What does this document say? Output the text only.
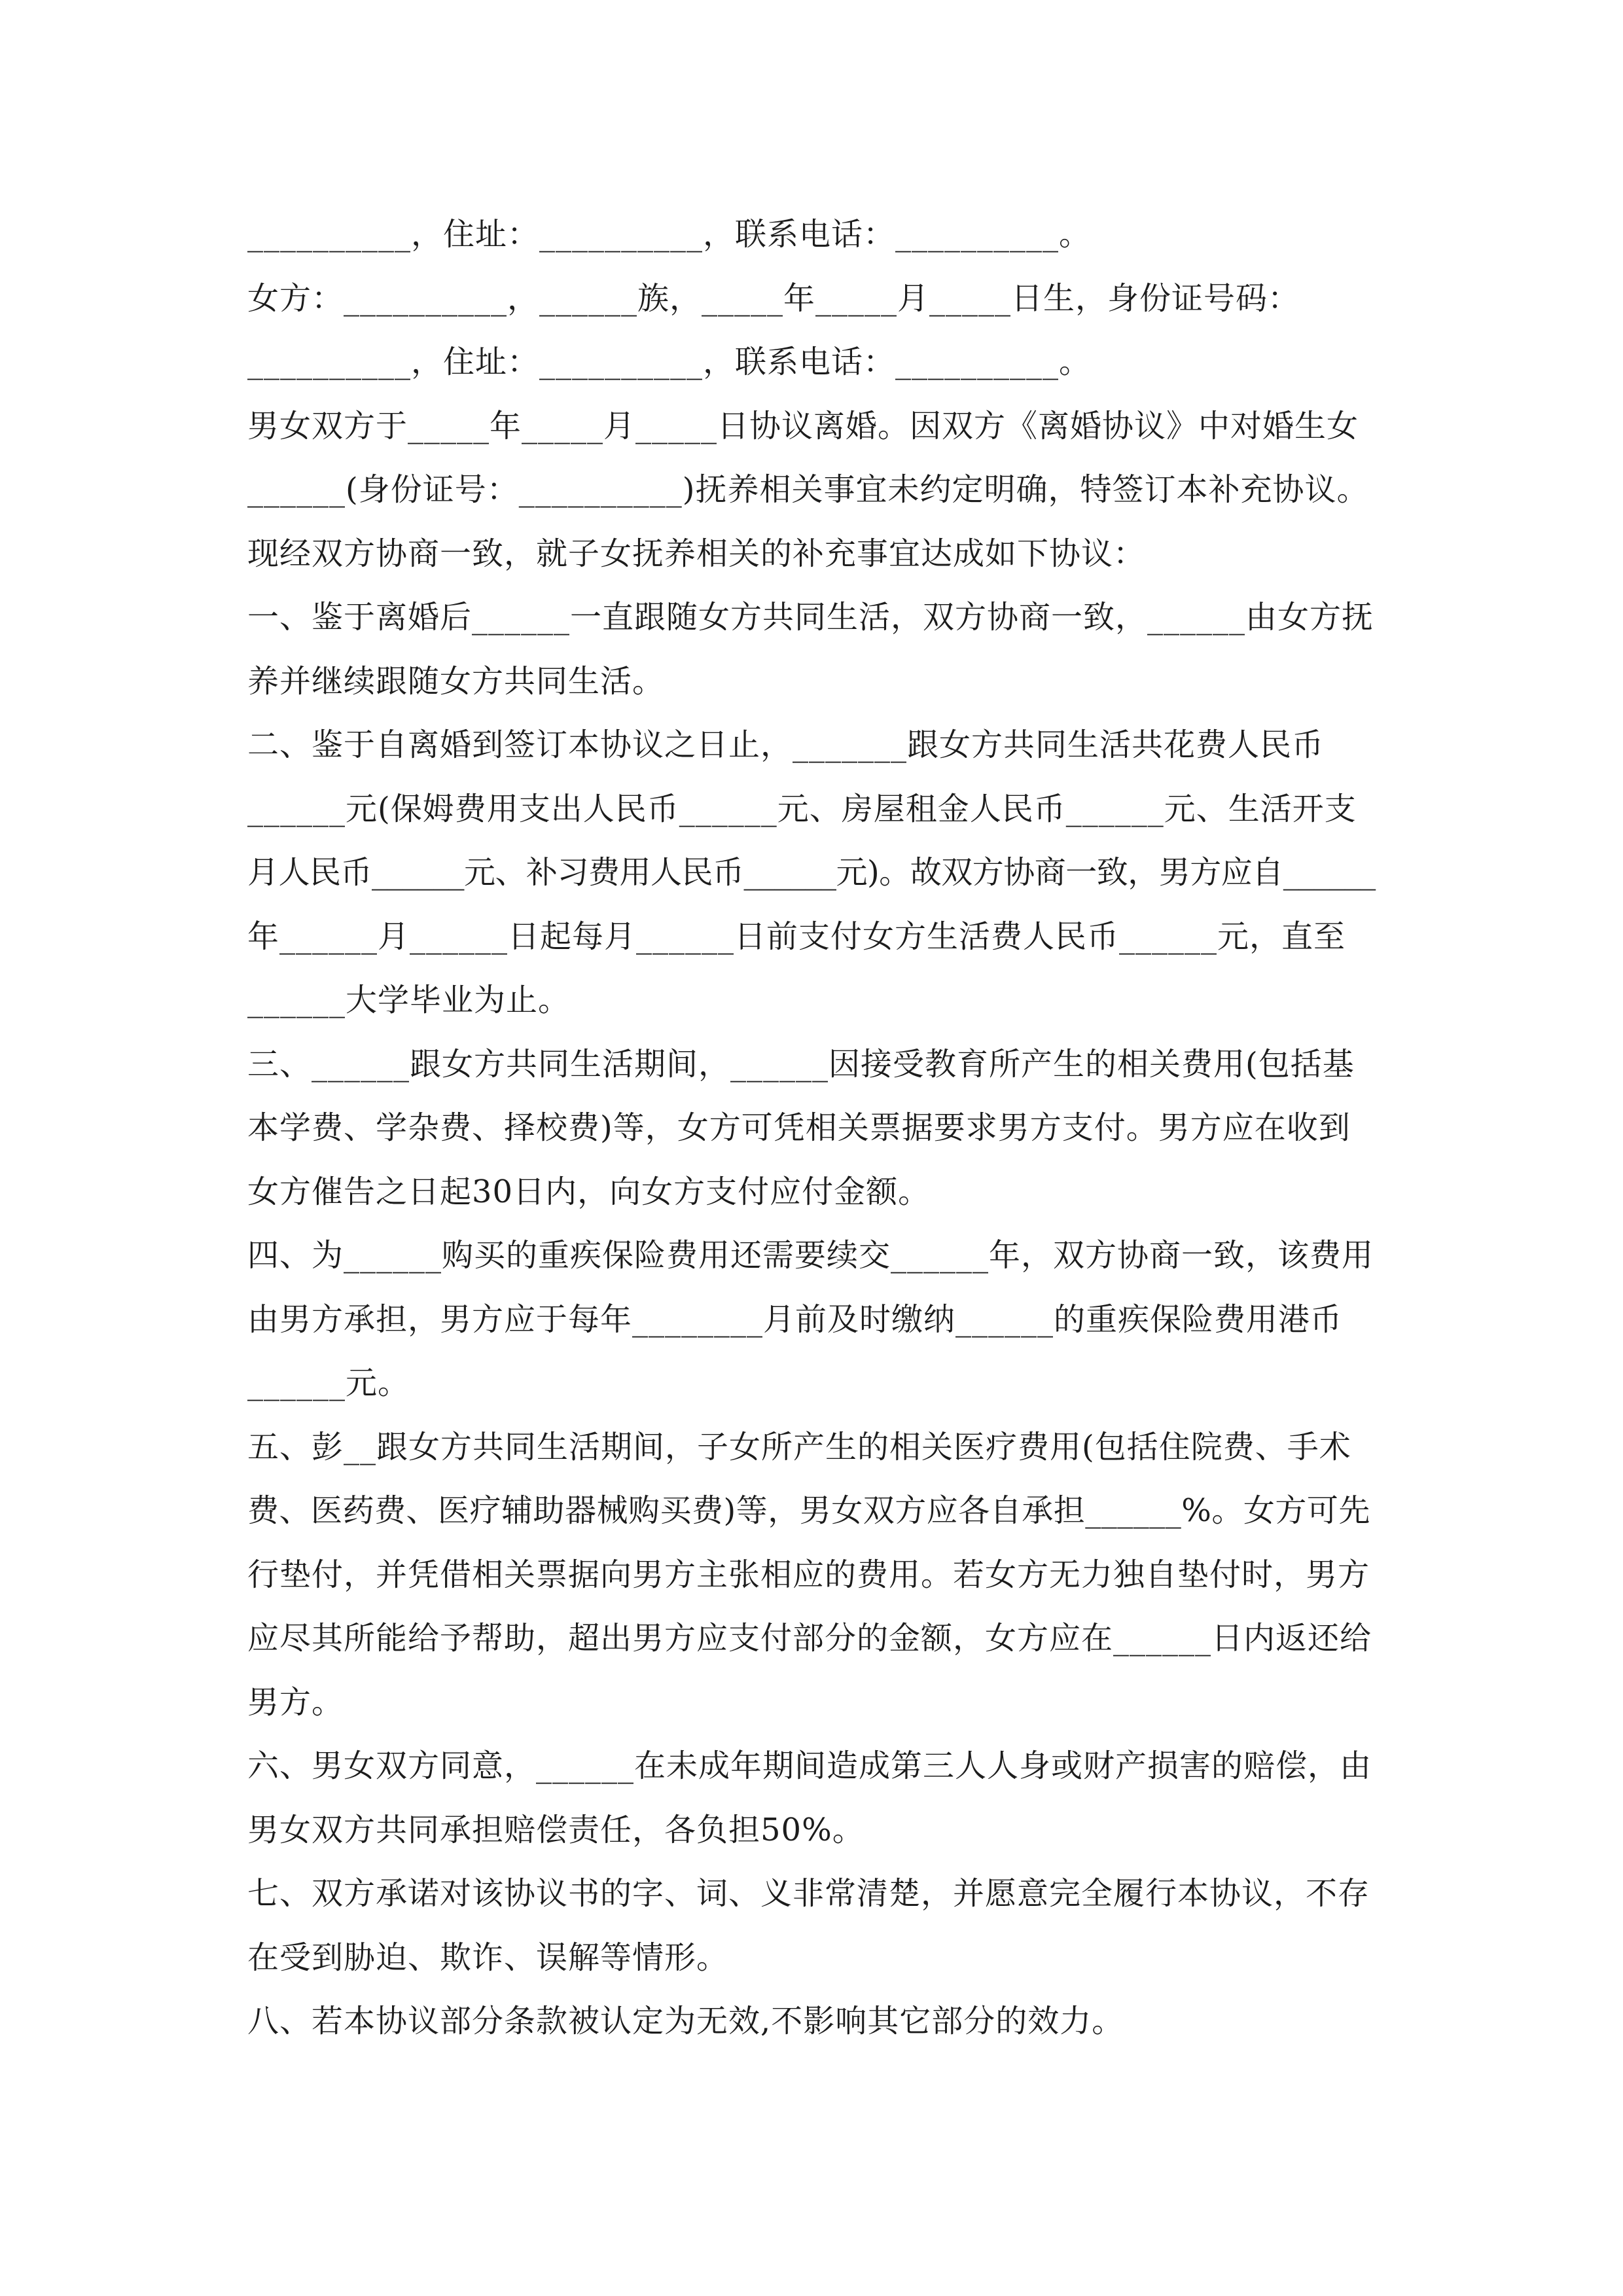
__________，住址：__________，联系电话：__________。
女方：__________，______族，_____年_____月_____日生，身份证号码：
__________，住址：__________，联系电话：__________。
男女双方于_____年_____月_____日协议离婚。因双方《离婚协议》中对婚生女
______(身份证号：__________)抚养相关事宜未约定明确，特签订本补充协议。
现经双方协商一致，就子女抚养相关的补充事宜达成如下协议：
一、鉴于离婚后______一直跟随女方共同生活，双方协商一致，______由女方抚
养并继续跟随女方共同生活。
二、鉴于自离婚到签订本协议之日止，_______跟女方共同生活共花费人民币
______元(保姆费用支出人民币______元、房屋租金人民币______元、生活开支
月人民币______元、补习费用人民币______元)。故双方协商一致，男方应自______
年______月______日起每月______日前支付女方生活费人民币______元，直至
______大学毕业为止。
三、______跟女方共同生活期间，______因接受教育所产生的相关费用(包括基
本学费、学杂费、择校费)等，女方可凭相关票据要求男方支付。男方应在收到
女方催告之日起30日内，向女方支付应付金额。
四、为______购买的重疾保险费用还需要续交______年，双方协商一致，该费用
由男方承担，男方应于每年________月前及时缴纳______的重疾保险费用港币
______元。
五、彭__跟女方共同生活期间，子女所产生的相关医疗费用(包括住院费、手术
费、医药费、医疗辅助器械购买费)等，男女双方应各自承担______%。女方可先
行垫付，并凭借相关票据向男方主张相应的费用。若女方无力独自垫付时，男方
应尽其所能给予帮助，超出男方应支付部分的金额，女方应在______日内返还给
男方。
六、男女双方同意，______在未成年期间造成第三人人身或财产损害的赔偿，由
男女双方共同承担赔偿责任，各负担50%。
七、双方承诺对该协议书的字、词、义非常清楚，并愿意完全履行本协议，不存
在受到胁迫、欺诈、误解等情形。
八、若本协议部分条款被认定为无效,不影响其它部分的效力。
